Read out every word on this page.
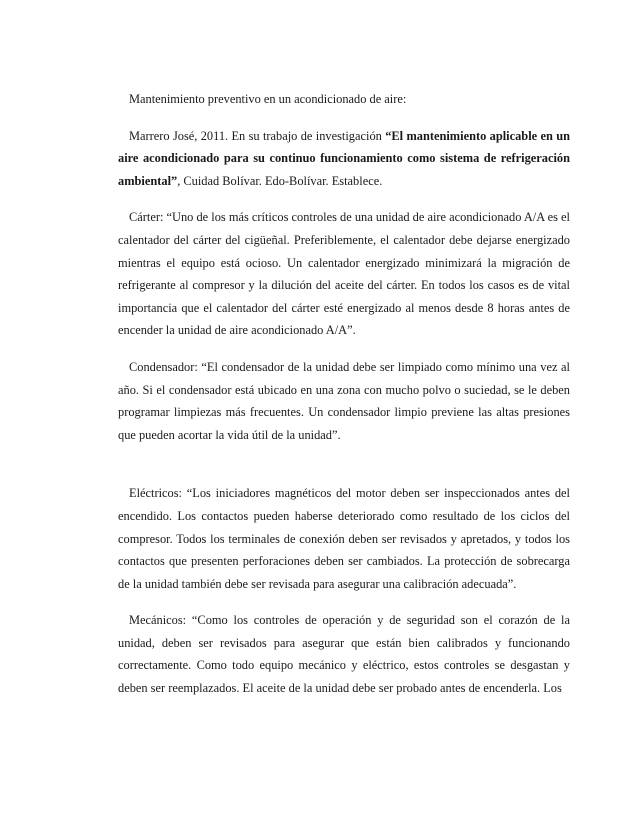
Mantenimiento preventivo en un acondicionado de aire:

Marrero José, 2011. En su trabajo de investigación “El mantenimiento aplicable en un aire acondicionado para su continuo funcionamiento como sistema de refrigeración ambiental”, Cuidad Bolívar. Edo-Bolívar. Establece.

Cárter: “Uno de los más críticos controles de una unidad de aire acondicionado A/A es el calentador del cárter del cigüeñal. Preferiblemente, el calentador debe dejarse energizado mientras el equipo está ocioso. Un calentador energizado minimizará la migración de refrigerante al compresor y la dilución del aceite del cárter. En todos los casos es de vital importancia que el calentador del cárter esté energizado al menos desde 8 horas antes de encender la unidad de aire acondicionado A/A”.

Condensador: “El condensador de la unidad debe ser limpiado como mínimo una vez al año. Si el condensador está ubicado en una zona con mucho polvo o suciedad, se le deben programar limpiezas más frecuentes. Un condensador limpio previene las altas presiones que pueden acortar la vida útil de la unidad”.

Eléctricos: “Los iniciadores magnéticos del motor deben ser inspeccionados antes del encendido. Los contactos pueden haberse deteriorado como resultado de los ciclos del compresor. Todos los terminales de conexión deben ser revisados y apretados, y todos los contactos que presenten perforaciones deben ser cambiados. La protección de sobrecarga de la unidad también debe ser revisada para asegurar una calibración adecuada”.

Mecánicos: “Como los controles de operación y de seguridad son el corazón de la unidad, deben ser revisados para asegurar que están bien calibrados y funcionando correctamente. Como todo equipo mecánico y eléctrico, estos controles se desgastan y deben ser reemplazados. El aceite de la unidad debe ser probado antes de encenderla. Los
